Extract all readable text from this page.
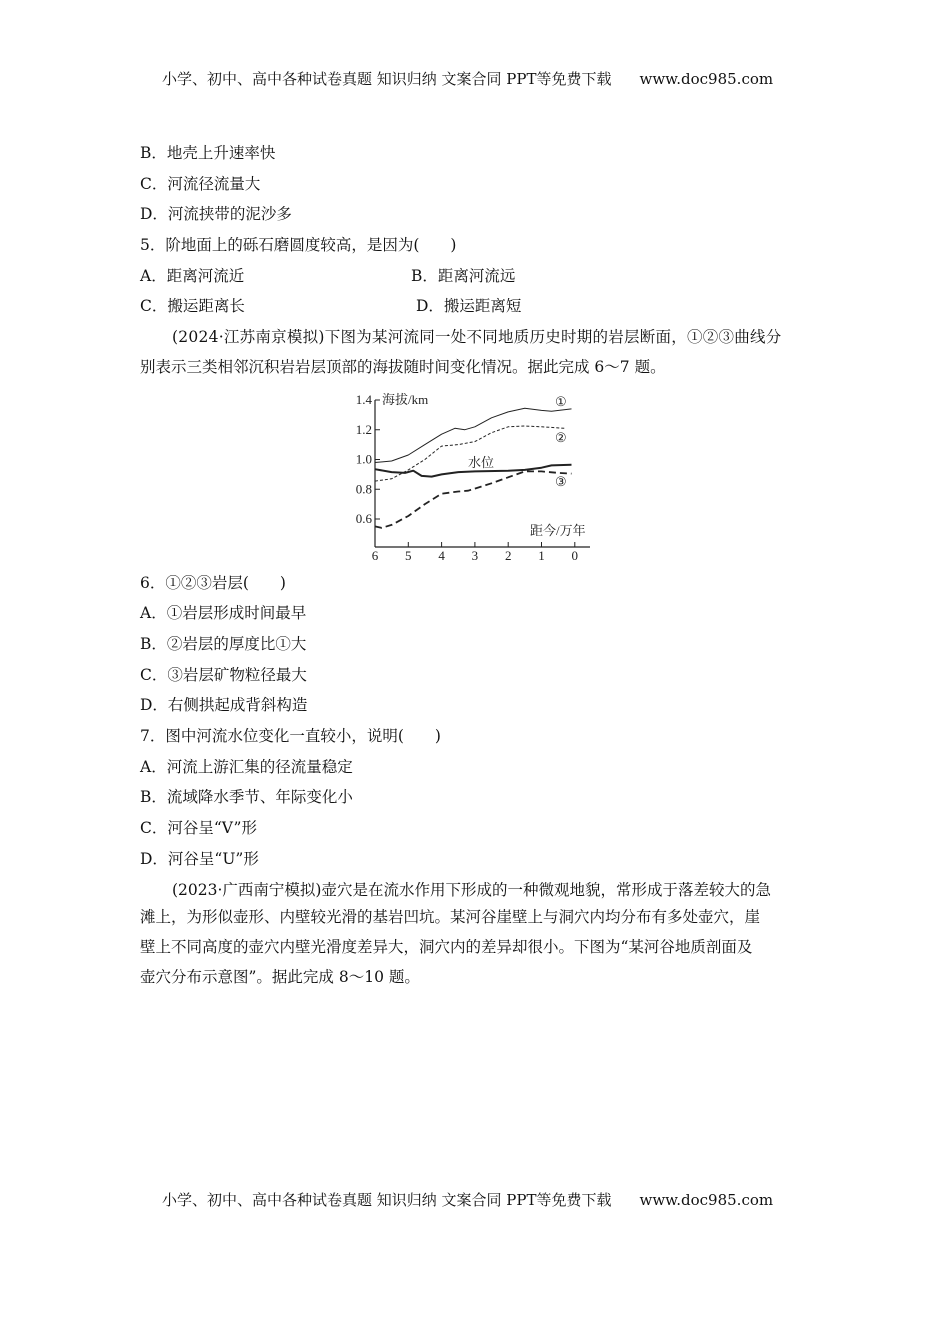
小学、初中、高中各种试卷真题 知识归纳 文案合同 PPT等免费下载 www.doc985.com
B．地壳上升速率快
C．河流径流量大
D．河流挟带的泥沙多
5．阶地面上的砾石磨圆度较高，是因为(　　)
A．距离河流近	B．距离河流远
C．搬运距离长	D．搬运距离短
(2024·江苏南京模拟)下图为某河流同一处不同地质历史时期的岩层断面，①②③曲线分
别表示三类相邻沉积岩岩层顶部的海拔随时间变化情况。据此完成 6～7 题。
1.4
1.2
1.0
0.8
0.6
6 5 4 3 2 1 0
海拔/km
距今/万年
①
②
水位
③
6．①②③岩层(　　)
A．①岩层形成时间最早
B．②岩层的厚度比①大
C．③岩层矿物粒径最大
D．右侧拱起成背斜构造
7．图中河流水位变化一直较小，说明(　　)
A．河流上游汇集的径流量稳定
B．流域降水季节、年际变化小
C．河谷呈“V”形
D．河谷呈“U”形
(2023·广西南宁模拟)壶穴是在流水作用下形成的一种微观地貌，常形成于落差较大的急
滩上，为形似壶形、内壁较光滑的基岩凹坑。某河谷崖壁上与洞穴内均分布有多处壶穴，崖
壁上不同高度的壶穴内壁光滑度差异大，洞穴内的差异却很小。下图为“某河谷地质剖面及
壶穴分布示意图”。据此完成 8～10 题。
小学、初中、高中各种试卷真题 知识归纳 文案合同 PPT等免费下载 www.doc985.com
